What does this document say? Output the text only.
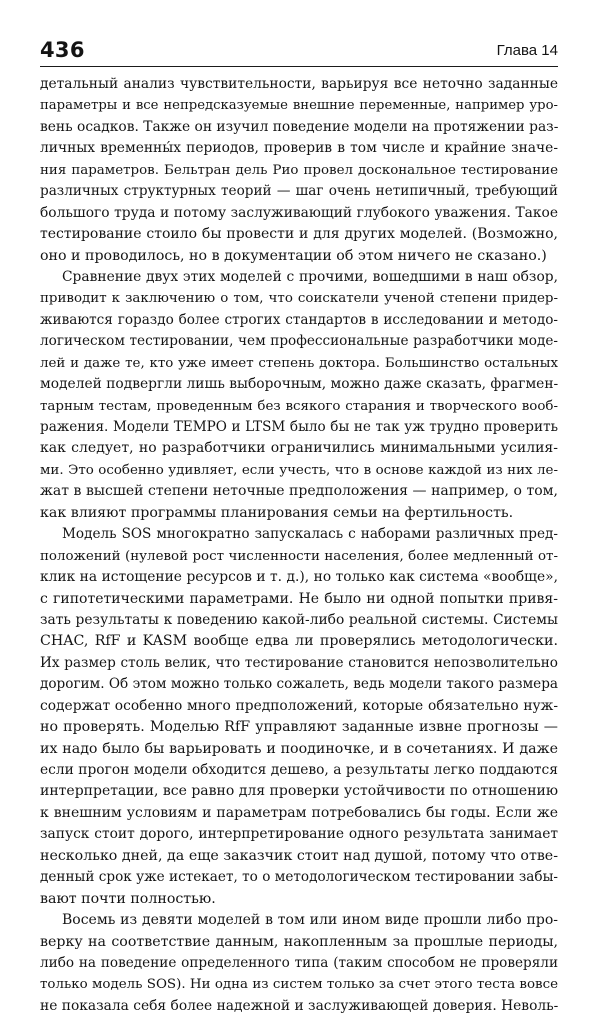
436	Глава 14
детальный анализ чувствительности, варьируя все неточно заданные
параметры и все непредсказуемые внешние переменные, например уро-
вень осадков. Также он изучил поведение модели на протяжении раз-
личных временны́х периодов, проверив в том числе и крайние значе-
ния параметров. Бельтран дель Рио провел доскональное тестирование
различных структурных теорий — шаг очень нетипичный, требующий
большого труда и потому заслуживающий глубокого уважения. Такое
тестирование стоило бы провести и для других моделей. (Возможно,
оно и проводилось, но в документации об этом ничего не сказано.)
Сравнение двух этих моделей с прочими, вошедшими в наш обзор,
приводит к заключению о том, что соискатели ученой степени придер-
живаются гораздо более строгих стандартов в исследовании и методо-
логическом тестировании, чем профессиональные разработчики моде-
лей и даже те, кто уже имеет степень доктора. Большинство остальных
моделей подвергли лишь выборочным, можно даже сказать, фрагмен-
тарным тестам, проведенным без всякого старания и творческого вооб-
ражения. Модели TEMPO и LTSM было бы не так уж трудно проверить
как следует, но разработчики ограничились минимальными усилия-
ми. Это особенно удивляет, если учесть, что в основе каждой из них ле-
жат в высшей степени неточные предположения — например, о том,
как влияют программы планирования семьи на фертильность.
Модель SOS многократно запускалась с наборами различных пред-
положений (нулевой рост численности населения, более медленный от-
клик на истощение ресурсов и т. д.), но только как система «вообще»,
с гипотетическими параметрами. Не было ни одной попытки привя-
зать результаты к поведению какой-либо реальной системы. Системы
CHAC, RfF и KASM вообще едва ли проверялись методологически.
Их размер столь велик, что тестирование становится непозволительно
дорогим. Об этом можно только сожалеть, ведь модели такого размера
содержат особенно много предположений, которые обязательно нуж-
но проверять. Моделью RfF управляют заданные извне прогнозы —
их надо было бы варьировать и поодиночке, и в сочетаниях. И даже
если прогон модели обходится дешево, а результаты легко поддаются
интерпретации, все равно для проверки устойчивости по отношению
к внешним условиям и параметрам потребовались бы годы. Если же
запуск стоит дорого, интерпретирование одного результата занимает
несколько дней, да еще заказчик стоит над душой, потому что отве-
денный срок уже истекает, то о методологическом тестировании забы-
вают почти полностью.
Восемь из девяти моделей в том или ином виде прошли либо про-
верку на соответствие данным, накопленным за прошлые периоды,
либо на поведение определенного типа (таким способом не проверяли
только модель SOS). Ни одна из систем только за счет этого теста вовсе
не показала себя более надежной и заслуживающей доверия. Неволь-
